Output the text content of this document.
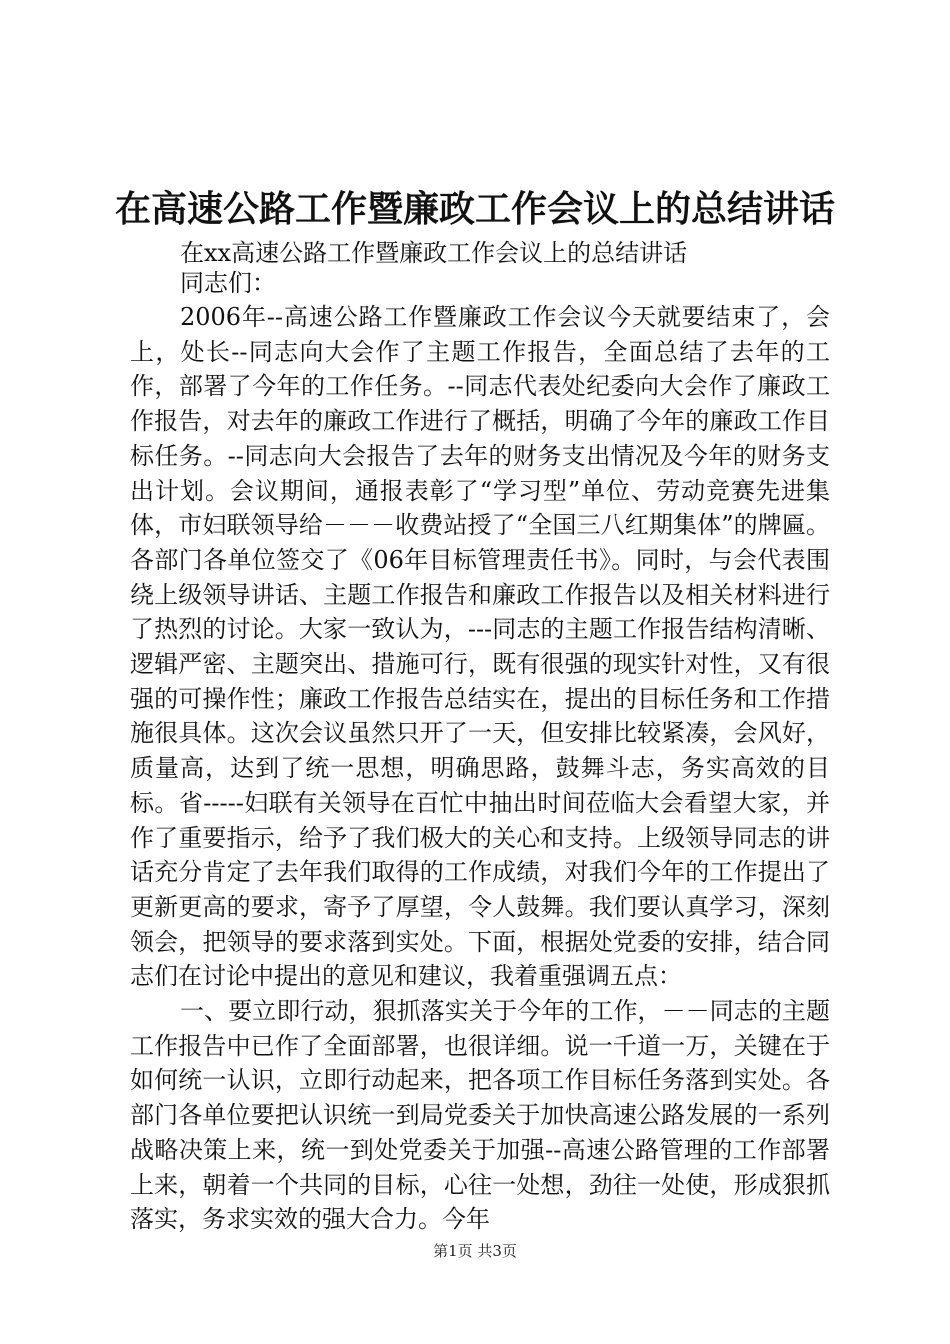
在高速公路工作暨廉政工作会议上的总结讲话
在xx高速公路工作暨廉政工作会议上的总结讲话
同志们：

2006年--高速公路工作暨廉政工作会议今天就要结束了，会上，处长--同志向大会作了主题工作报告，全面总结了去年的工作，部署了今年的工作任务。--同志代表处纪委向大会作了廉政工作报告，对去年的廉政工作进行了概括，明确了今年的廉政工作目标任务。--同志向大会报告了去年的财务支出情况及今年的财务支出计划。会议期间，通报表彰了“学习型”单位、劳动竞赛先进集体，市妇联领导给－－－收费站授了“全国三八红期集体”的牌匾。各部门各单位签交了《06年目标管理责任书》。同时，与会代表围绕上级领导讲话、主题工作报告和廉政工作报告以及相关材料进行了热烈的讨论。大家一致认为，---同志的主题工作报告结构清晰、逻辑严密、主题突出、措施可行，既有很强的现实针对性，又有很强的可操作性；廉政工作报告总结实在，提出的目标任务和工作措施很具体。这次会议虽然只开了一天，但安排比较紧凑，会风好，质量高，达到了统一思想，明确思路，鼓舞斗志，务实高效的目标。省-----妇联有关领导在百忙中抽出时间莅临大会看望大家，并作了重要指示，给予了我们极大的关心和支持。上级领导同志的讲话充分肯定了去年我们取得的工作成绩，对我们今年的工作提出了更新更高的要求，寄予了厚望，令人鼓舞。我们要认真学习，深刻领会，把领导的要求落到实处。下面，根据处党委的安排，结合同志们在讨论中提出的意见和建议，我着重强调五点：

一、要立即行动，狠抓落实关于今年的工作，－－同志的主题工作报告中已作了全面部署，也很详细。说一千道一万，关键在于如何统一认识，立即行动起来，把各项工作目标任务落到实处。各部门各单位要把认识统一到局党委关于加快高速公路发展的一系列战略决策上来，统一到处党委关于加强--高速公路管理的工作部署上来，朝着一个共同的目标，心往一处想，劲往一处使，形成狠抓落实，务求实效的强大合力。今年

第1页 共3页
